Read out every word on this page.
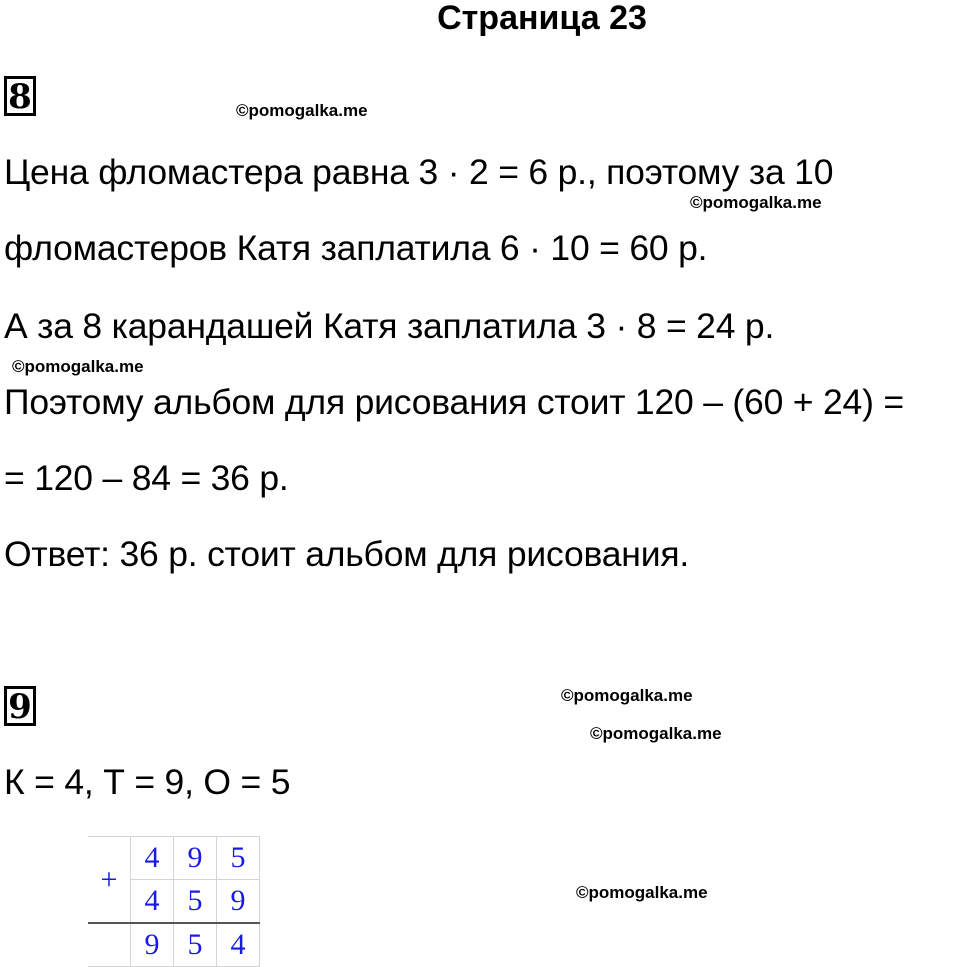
Страница 23
8	©pomogalka.me
Цена фломастера равна 3 · 2 = 6 р., поэтому за 10
©pomogalka.me
фломастеров Катя заплатила 6 · 10 = 60 р.
А за 8 карандашей Катя заплатила 3 · 8 = 24 р.
©pomogalka.me
Поэтому альбом для рисования стоит 120 – (60 + 24) =
= 120 – 84 = 36 р.
Ответ: 36 р. стоит альбом для рисования.
9	©pomogalka.me
©pomogalka.me
К = 4, Т = 9, О = 5
+	4	9	5
	4	5	9
	9	5	4
©pomogalka.me
